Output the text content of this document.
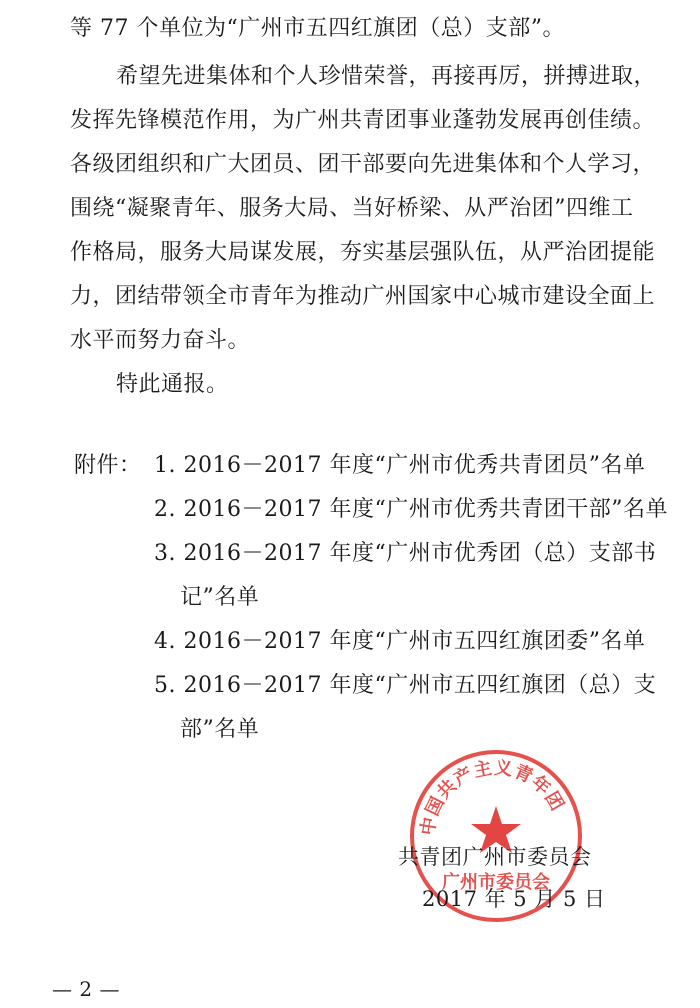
等 77 个单位为“广州市五四红旗团（总）支部”。
希望先进集体和个人珍惜荣誉，再接再厉，拼搏进取，
发挥先锋模范作用，为广州共青团事业蓬勃发展再创佳绩。
各级团组织和广大团员、团干部要向先进集体和个人学习，
围绕“凝聚青年、服务大局、当好桥梁、从严治团”四维工
作格局，服务大局谋发展，夯实基层强队伍，从严治团提能
力，团结带领全市青年为推动广州国家中心城市建设全面上
水平而努力奋斗。
特此通报。
附件： 1. 2016－2017 年度“广州市优秀共青团员”名单
2. 2016－2017 年度“广州市优秀共青团干部”名单
3. 2016－2017 年度“广州市优秀团（总）支部书
记”名单
4. 2016－2017 年度“广州市五四红旗团委”名单
5. 2016－2017 年度“广州市五四红旗团（总）支
部”名单
中国共产主义青年团
广州市委员会
共青团广州市委员会
2017 年 5 月 5 日
— 2 —
